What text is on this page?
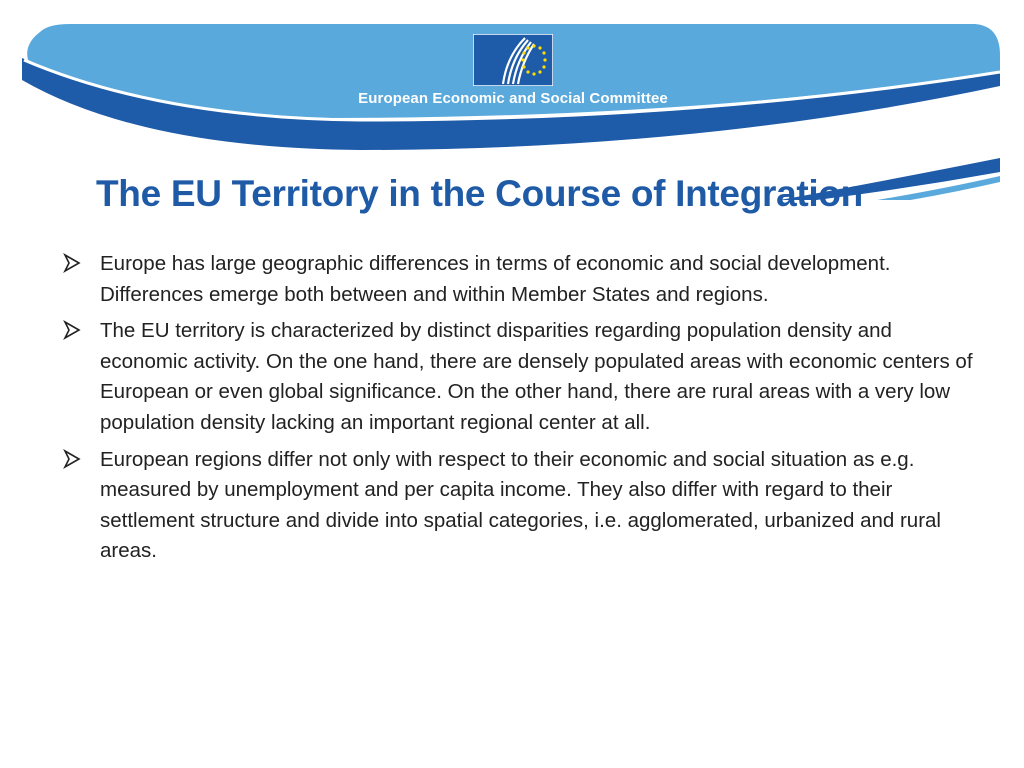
European Economic and Social Committee
The EU Territory in the Course of Integration
Europe has large geographic differences in terms of economic and social development. Differences emerge both between and within Member States and regions.
The EU territory is characterized by distinct disparities regarding population density and economic activity. On the one hand, there are densely populated areas with economic centers of European or even global significance. On the other hand, there are rural areas with a very low population density lacking an important regional center at all.
European regions differ not only with respect to their economic and social situation as e.g. measured by unemployment and per capita income. They also differ with regard to their settlement structure and divide into spatial categories, i.e. agglomerated, urbanized and rural areas.
